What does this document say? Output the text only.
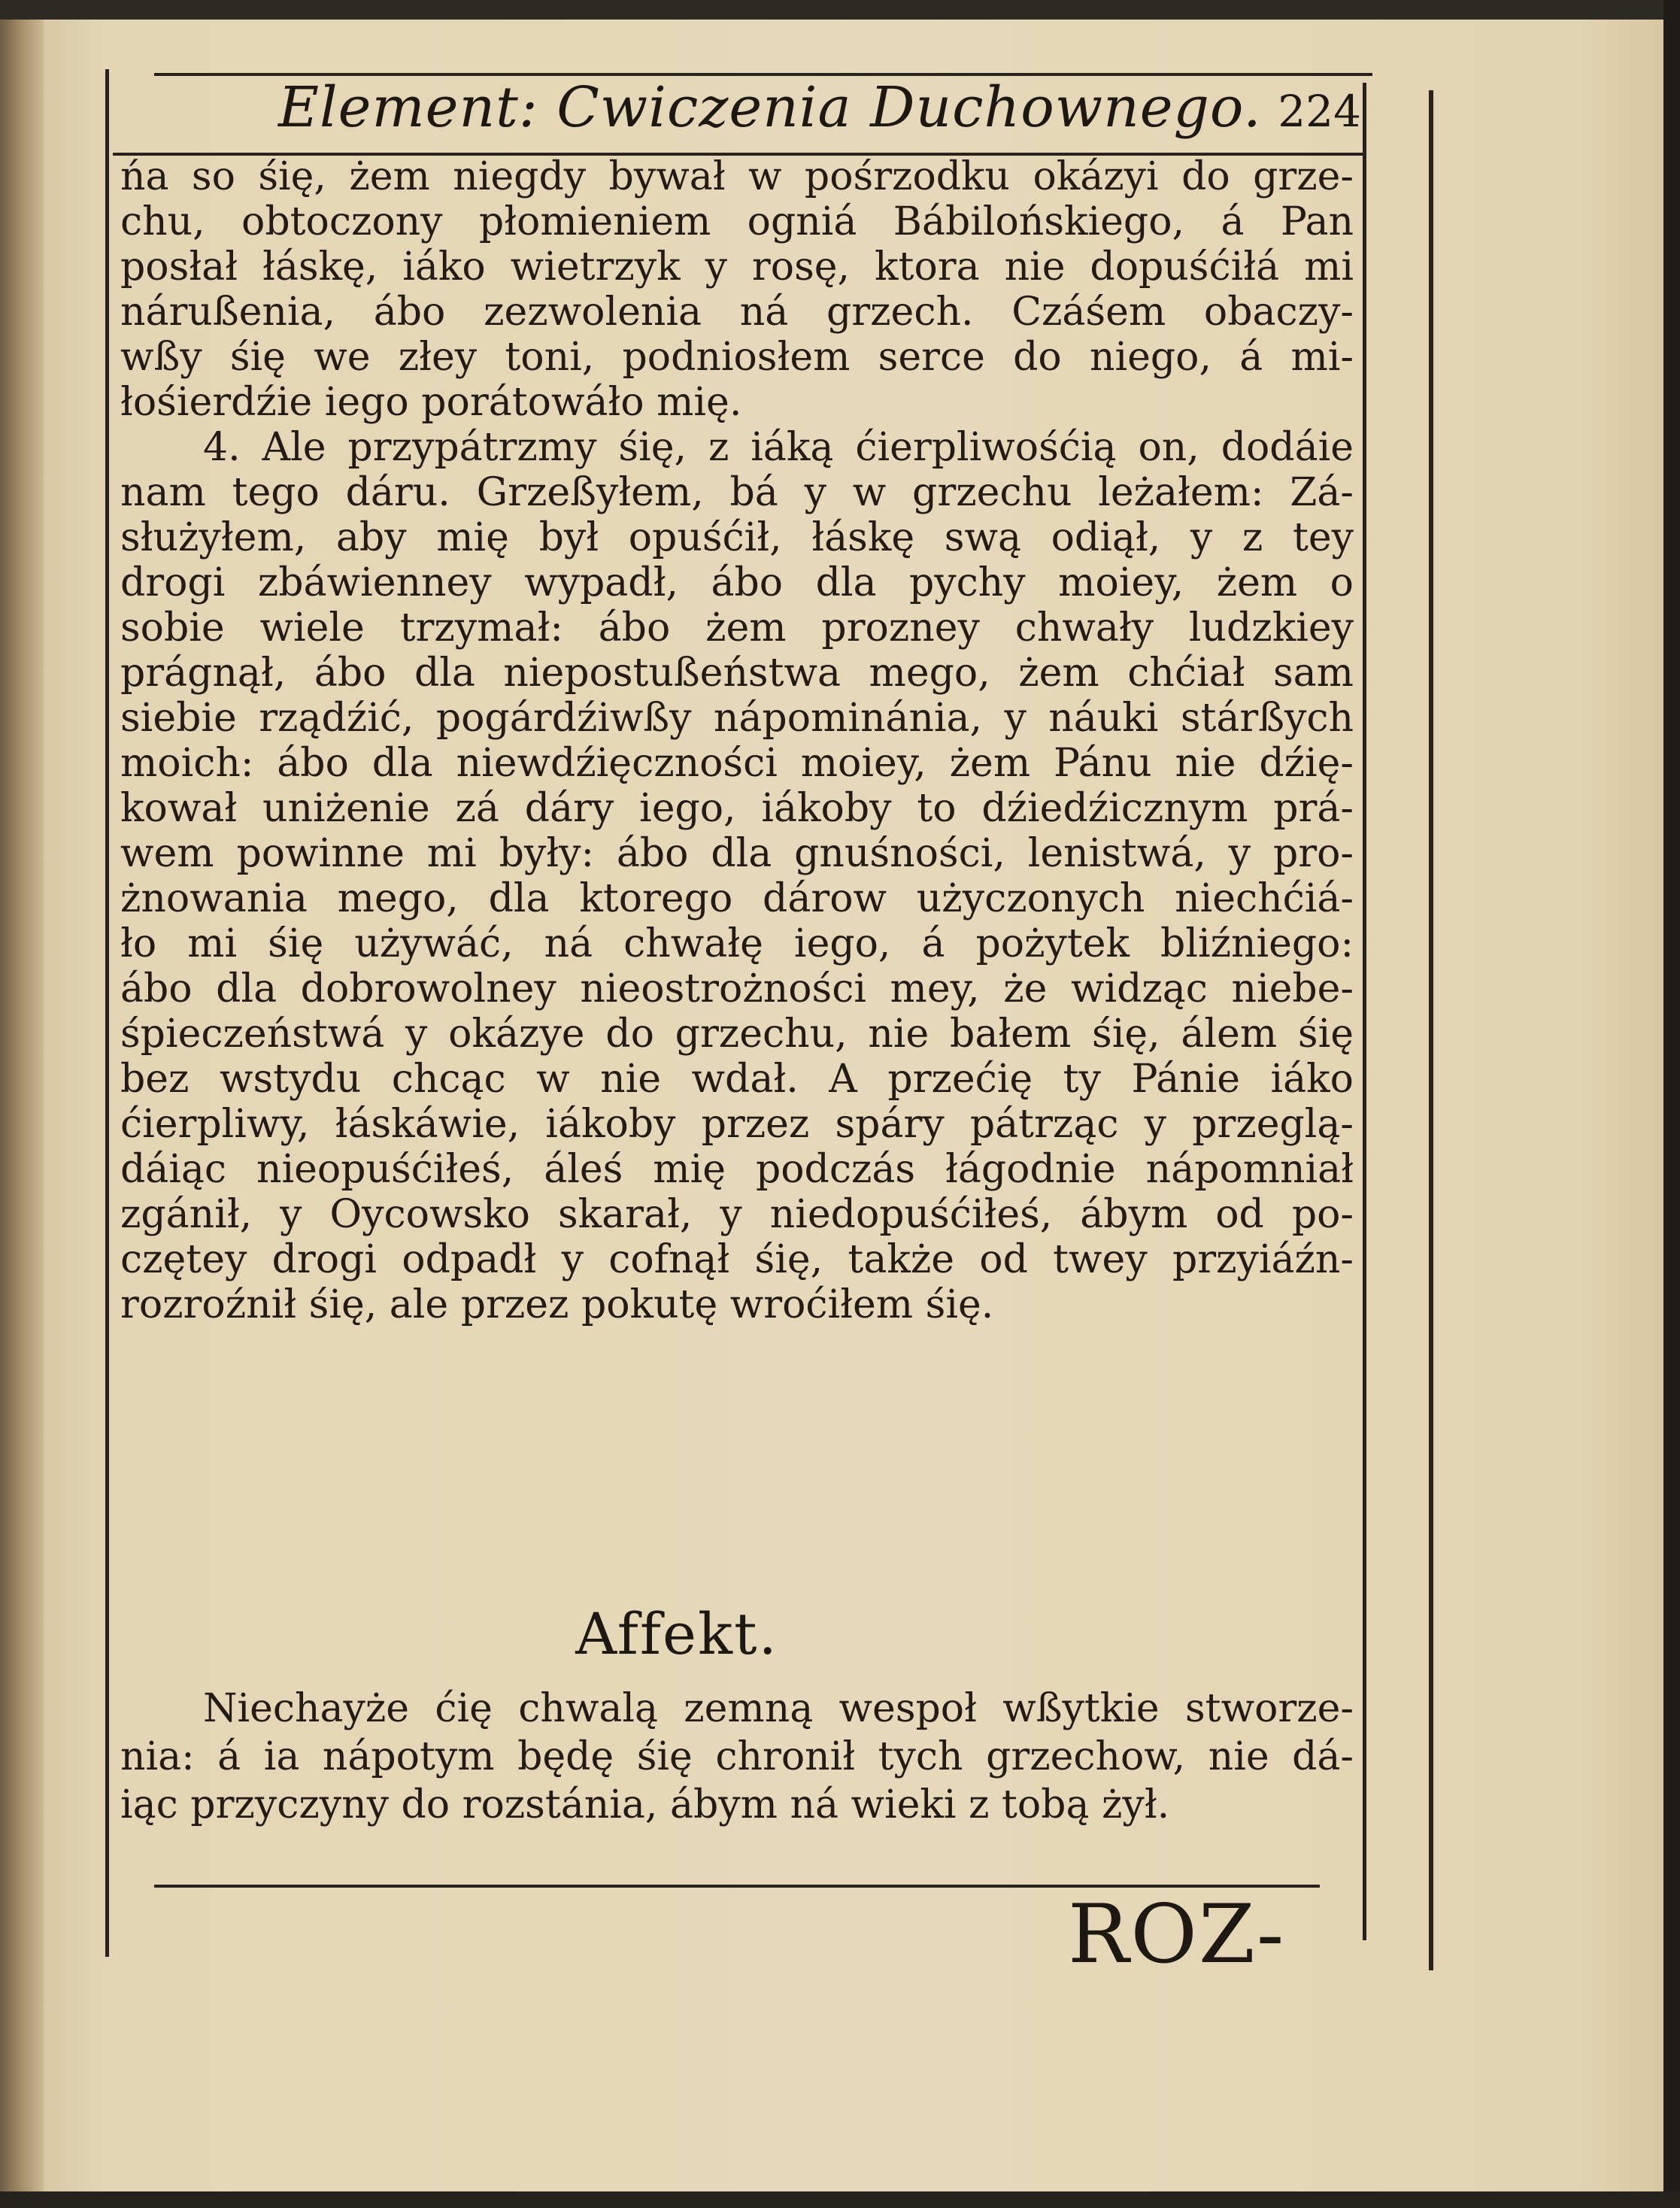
Element: Cwiczenia Duchownego. 224
ńa so śię, żem niegdy bywał w pośrzodku okázyi do grze-
chu, obtoczony płomieniem ogniá Bábilońskiego, á Pan
posłał łáskę, iáko wietrzyk y rosę, ktora nie dopuśćiłá mi
nárußenia, ábo zezwolenia ná grzech. Czáśem obaczy-
wßy śię we złey toni, podniosłem serce do niego, á mi-
łośierdźie iego porátowáło mię.
4. Ale przypátrzmy śię, z iáką ćierpliwośćią on, dodáie
nam tego dáru. Grzeßyłem, bá y w grzechu leżałem: Zá-
służyłem, aby mię był opuśćił, łáskę swą odiął, y z tey
drogi zbáwienney wypadł, ábo dla pychy moiey, żem o
sobie wiele trzymał: ábo żem prozney chwały ludzkiey
prágnął, ábo dla niepostußeństwa mego, żem chćiał sam
siebie rządźić, pogárdźiwßy nápominánia, y náuki stárßych
moich: ábo dla niewdźięczności moiey, żem Pánu nie dźię-
kował uniżenie zá dáry iego, iákoby to dźiedźicznym prá-
wem powinne mi były: ábo dla gnuśności, lenistwá, y pro-
żnowania mego, dla ktorego dárow użyczonych niechćiá-
ło mi śię używáć, ná chwałę iego, á pożytek bliźniego:
ábo dla dobrowolney nieostrożności mey, że widząc niebe-
śpieczeństwá y okázye do grzechu, nie bałem śię, álem śię
bez wstydu chcąc w nie wdał. A przećię ty Pánie iáko
ćierpliwy, łáskáwie, iákoby przez spáry pátrząc y przeglą-
dáiąc nieopuśćiłeś, áleś mię podczás łágodnie nápomniał
zgánił, y Oycowsko skarał, y niedopuśćiłeś, ábym od po-
czętey drogi odpadł y cofnął śię, także od twey przyiáźn-
rozroźnił śię, ale przez pokutę wroćiłem śię.
Affekt.
Niechayże ćię chwalą zemną wespoł wßytkie stworze-
nia: á ia nápotym będę śię chronił tych grzechow, nie dá-
iąc przyczyny do rozstánia, ábym ná wieki z tobą żył.
ROZ-
